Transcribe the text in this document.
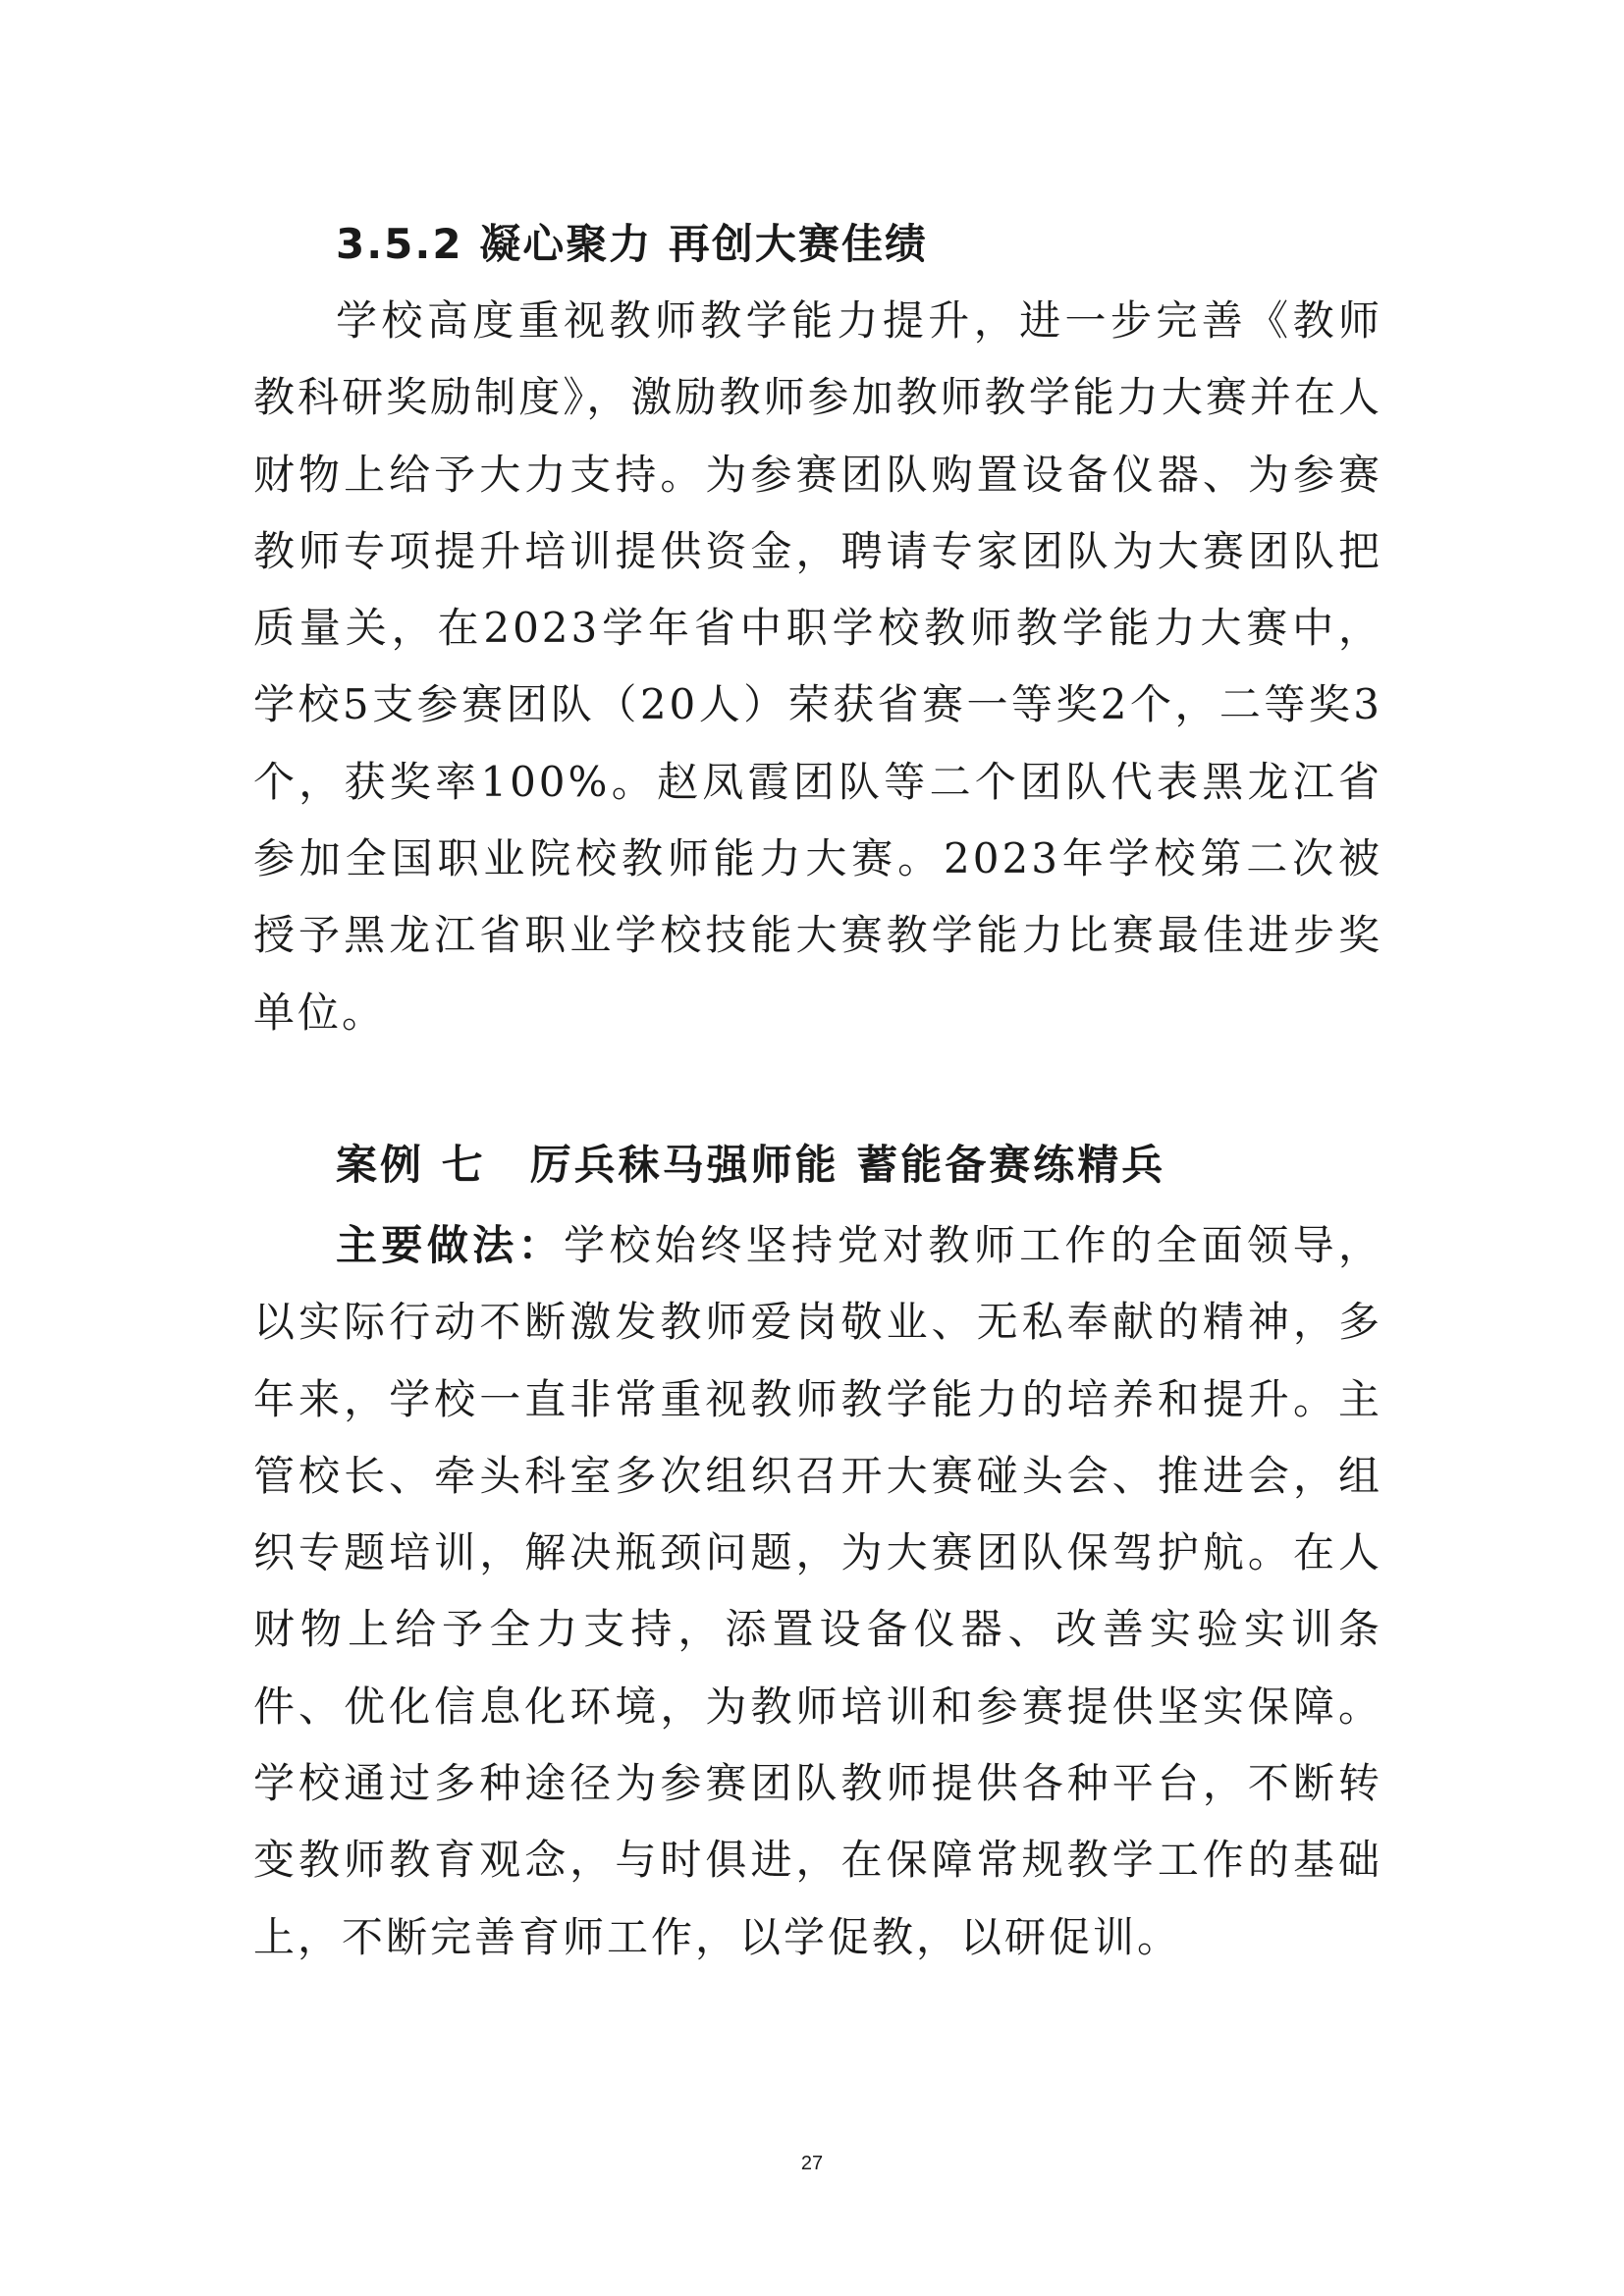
3.5.2 凝心聚力 再创大赛佳绩

学校高度重视教师教学能力提升，进一步完善《教师教科研奖励制度》，激励教师参加教师教学能力大赛并在人财物上给予大力支持。为参赛团队购置设备仪器、为参赛教师专项提升培训提供资金，聘请专家团队为大赛团队把质量关，在2023学年省中职学校教师教学能力大赛中，学校5支参赛团队（20人）荣获省赛一等奖2个，二等奖3个，获奖率100%。赵凤霞团队等二个团队代表黑龙江省参加全国职业院校教师能力大赛。2023年学校第二次被授予黑龙江省职业学校技能大赛教学能力比赛最佳进步奖单位。

案例 七　厉兵秣马强师能 蓄能备赛练精兵

主要做法：学校始终坚持党对教师工作的全面领导，以实际行动不断激发教师爱岗敬业、无私奉献的精神，多年来，学校一直非常重视教师教学能力的培养和提升。主管校长、牵头科室多次组织召开大赛碰头会、推进会，组织专题培训，解决瓶颈问题，为大赛团队保驾护航。在人财物上给予全力支持，添置设备仪器、改善实验实训条件、优化信息化环境，为教师培训和参赛提供坚实保障。学校通过多种途径为参赛团队教师提供各种平台，不断转变教师教育观念，与时俱进，在保障常规教学工作的基础上，不断完善育师工作，以学促教，以研促训。

27
